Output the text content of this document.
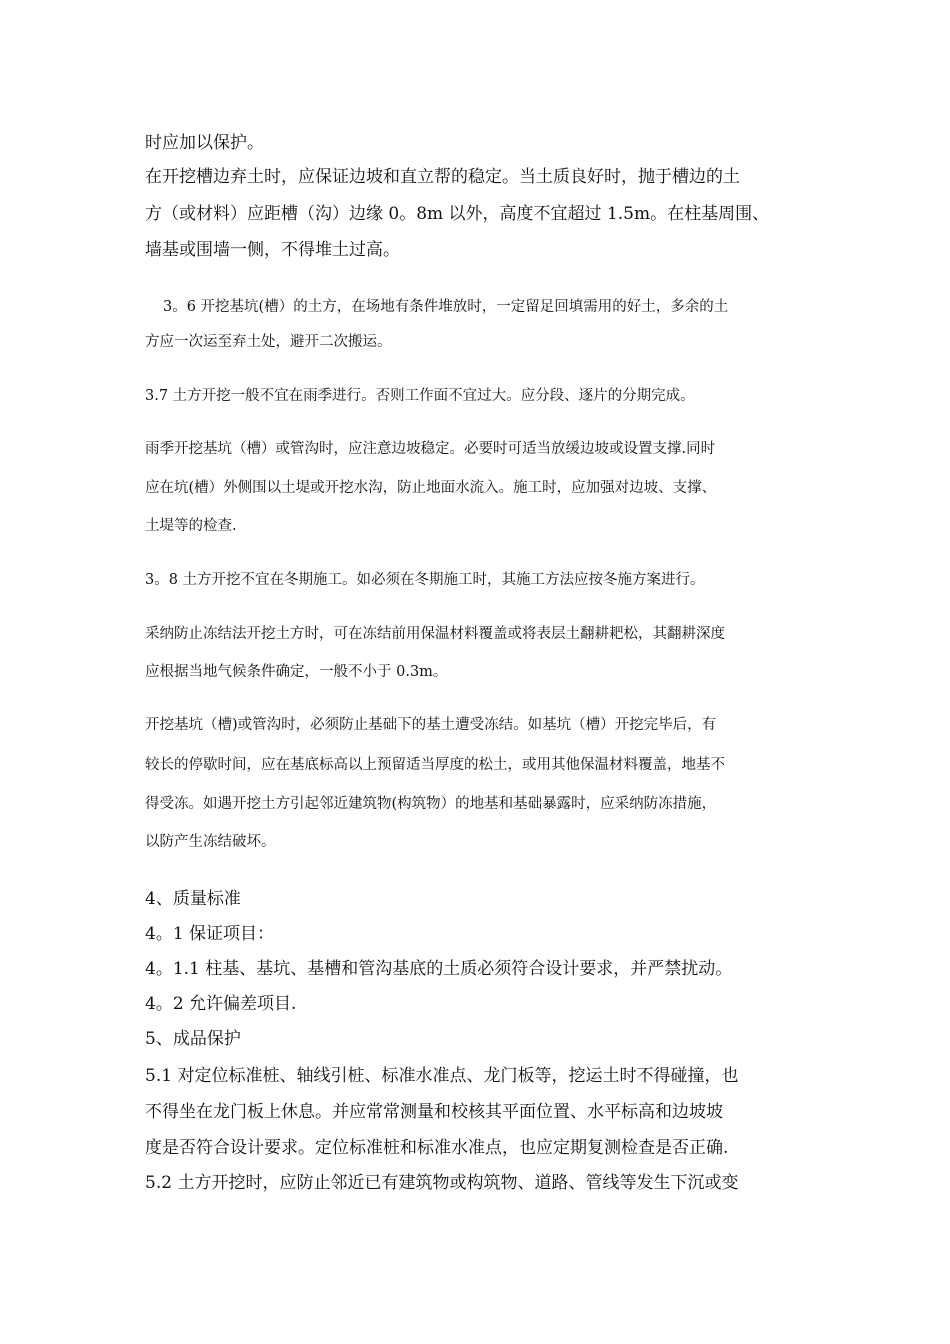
时应加以保护。
在开挖槽边弃土时，应保证边坡和直立帮的稳定。当土质良好时，抛于槽边的土
方（或材料）应距槽（沟）边缘 0。8m 以外，高度不宜超过 1.5m。在柱基周围、
墙基或围墙一侧，不得堆土过高。
3。6 开挖基坑(槽）的土方，在场地有条件堆放时，一定留足回填需用的好土，多余的土
方应一次运至弃土处，避开二次搬运。
3.7 土方开挖一般不宜在雨季进行。否则工作面不宜过大。应分段、逐片的分期完成。
雨季开挖基坑（槽）或管沟时，应注意边坡稳定。必要时可适当放缓边坡或设置支撑.同时
应在坑(槽）外侧围以土堤或开挖水沟，防止地面水流入。施工时，应加强对边坡、支撑、
土堤等的检查.
3。8 土方开挖不宜在冬期施工。如必须在冬期施工时，其施工方法应按冬施方案进行。
采纳防止冻结法开挖土方时，可在冻结前用保温材料覆盖或将表层土翻耕耙松，其翻耕深度
应根据当地气候条件确定，一般不小于 0.3m。
开挖基坑（槽)或管沟时，必须防止基础下的基土遭受冻结。如基坑（槽）开挖完毕后，有
较长的停歇时间，应在基底标高以上预留适当厚度的松土，或用其他保温材料覆盖，地基不
得受冻。如遇开挖土方引起邻近建筑物(构筑物）的地基和基础暴露时，应采纳防冻措施，
以防产生冻结破坏。
4、质量标准
4。1 保证项目：
4。1.1 柱基、基坑、基槽和管沟基底的土质必须符合设计要求，并严禁扰动。
4。2 允许偏差项目.
5、成品保护
5.1 对定位标准桩、轴线引桩、标准水准点、龙门板等，挖运土时不得碰撞，也
不得坐在龙门板上休息。并应常常测量和校核其平面位置、水平标高和边坡坡
度是否符合设计要求。定位标准桩和标准水准点，也应定期复测检查是否正确.
5.2 土方开挖时，应防止邻近已有建筑物或构筑物、道路、管线等发生下沉或变
